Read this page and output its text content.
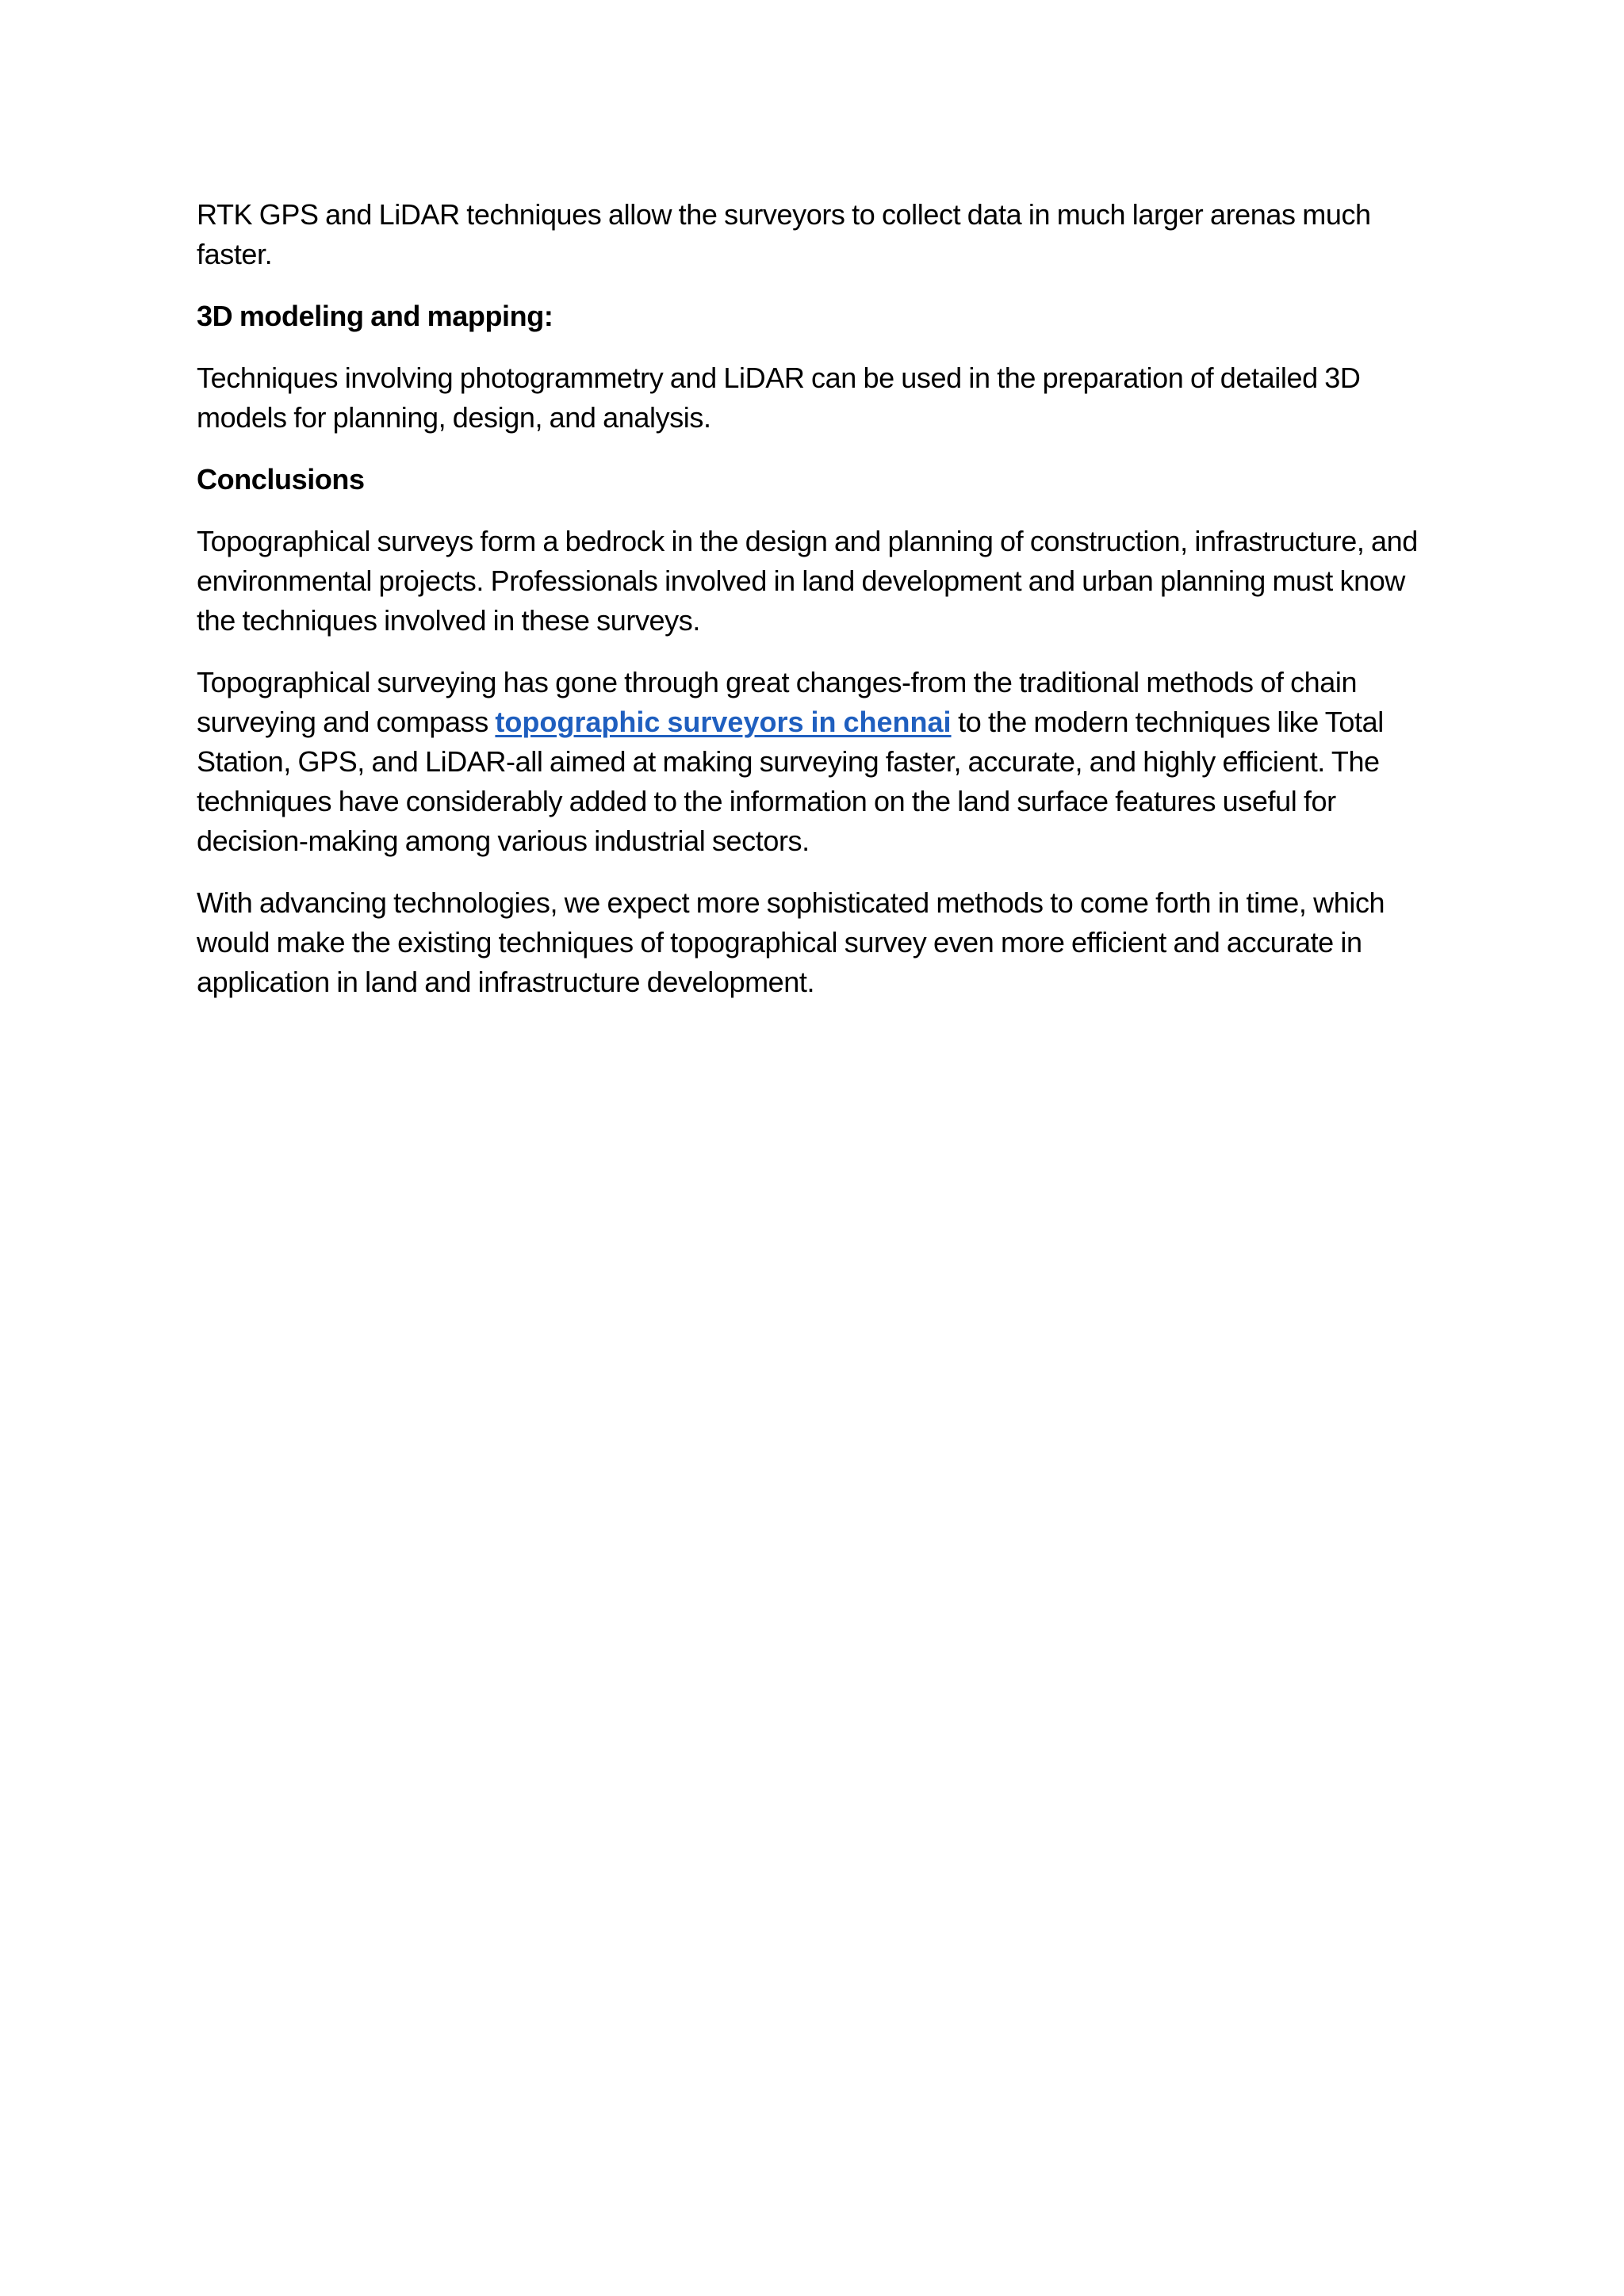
RTK GPS and LiDAR techniques allow the surveyors to collect data in much larger arenas much faster.

3D modeling and mapping:

Techniques involving photogrammetry and LiDAR can be used in the preparation of detailed 3D models for planning, design, and analysis.

Conclusions

Topographical surveys form a bedrock in the design and planning of construction, infrastructure, and environmental projects. Professionals involved in land development and urban planning must know the techniques involved in these surveys.

Topographical surveying has gone through great changes-from the traditional methods of chain surveying and compass topographic surveyors in chennai to the modern techniques like Total Station, GPS, and LiDAR-all aimed at making surveying faster, accurate, and highly efficient. The techniques have considerably added to the information on the land surface features useful for decision-making among various industrial sectors.

With advancing technologies, we expect more sophisticated methods to come forth in time, which would make the existing techniques of topographical survey even more efficient and accurate in application in land and infrastructure development.
